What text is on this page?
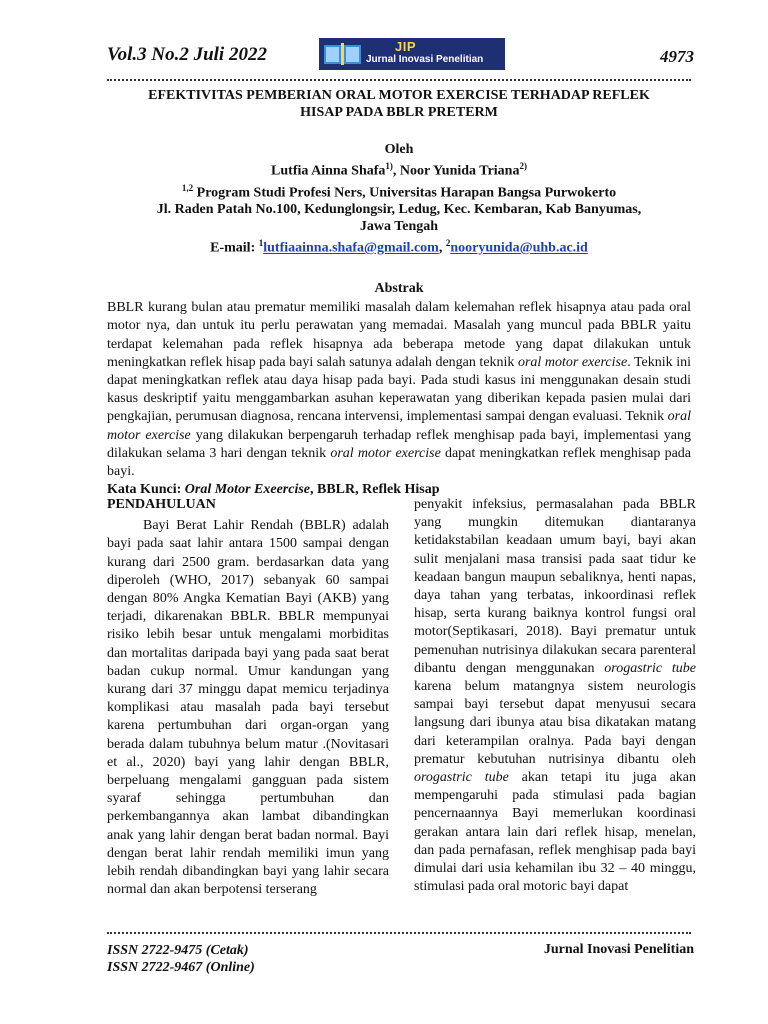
Vol.3 No.2 Juli 2022	JIP
Jurnal Inovasi Penelitian	4973
EFEKTIVITAS PEMBERIAN ORAL MOTOR EXERCISE TERHADAP REFLEK
HISAP PADA BBLR PRETERM
Oleh
Lutfia Ainna Shafa$^{1)}$, Noor Yunida Triana$^{2)}$
$^{1,2}$ Program Studi Profesi Ners, Universitas Harapan Bangsa Purwokerto
Jl. Raden Patah No.100, Kedunglongsir, Ledug, Kec. Kembaran, Kab Banyumas,
Jawa Tengah
E-mail: $^1$lutfiaainna.shafa@gmail.com, $^2$nooryunida@uhb.ac.id
Abstrak

BBLR kurang bulan atau prematur memiliki masalah dalam kelemahan reflek hisapnya atau pada oral motor nya, dan untuk itu perlu perawatan yang memadai. Masalah yang muncul pada BBLR yaitu terdapat kelemahan pada reflek hisapnya ada beberapa metode yang dapat dilakukan untuk meningkatkan reflek hisap pada bayi salah satunya adalah dengan teknik oral motor exercise. Teknik ini dapat meningkatkan reflek atau daya hisap pada bayi. Pada studi kasus ini menggunakan desain studi kasus deskriptif yaitu menggambarkan asuhan keperawatan yang diberikan kepada pasien mulai dari pengkajian, perumusan diagnosa, rencana intervensi, implementasi sampai dengan evaluasi. Teknik oral motor exercise yang dilakukan berpengaruh terhadap reflek menghisap pada bayi, implementasi yang dilakukan selama 3 hari dengan teknik oral motor exercise dapat meningkatkan reflek menghisap pada bayi.

Kata Kunci: Oral Motor Exeercise, BBLR, Reflek Hisap

PENDAHULUAN

Bayi Berat Lahir Rendah (BBLR) adalah bayi pada saat lahir antara 1500 sampai dengan kurang dari 2500 gram. berdasarkan data yang diperoleh (WHO, 2017) sebanyak 60 sampai dengan 80% Angka Kematian Bayi (AKB) yang terjadi, dikarenakan BBLR. BBLR mempunyai risiko lebih besar untuk mengalami morbiditas dan mortalitas daripada bayi yang pada saat berat badan cukup normal. Umur kandungan yang kurang dari 37 minggu dapat memicu terjadinya komplikasi atau masalah pada bayi tersebut karena pertumbuhan dari organ-organ yang berada dalam tubuhnya belum matur .(Novitasari et al., 2020) bayi yang lahir dengan BBLR, berpeluang mengalami gangguan pada sistem syaraf sehingga pertumbuhan dan perkembangannya akan lambat dibandingkan anak yang lahir dengan berat badan normal. Bayi dengan berat lahir rendah memiliki imun yang lebih rendah dibandingkan bayi yang lahir secara normal dan akan berpotensi terserang

penyakit infeksius, permasalahan pada BBLR yang mungkin ditemukan diantaranya ketidakstabilan keadaan umum bayi, bayi akan sulit menjalani masa transisi pada saat tidur ke keadaan bangun maupun sebaliknya, henti napas, daya tahan yang terbatas, inkoordinasi reflek hisap, serta kurang baiknya kontrol fungsi oral motor(Septikasari, 2018). Bayi prematur untuk pemenuhan nutrisinya dilakukan secara parenteral dibantu dengan menggunakan orogastric tube karena belum matangnya sistem neurologis sampai bayi tersebut dapat menyusui secara langsung dari ibunya atau bisa dikatakan matang dari keterampilan oralnya. Pada bayi dengan prematur kebutuhan nutrisinya dibantu oleh orogastric tube akan tetapi itu juga akan mempengaruhi pada stimulasi pada bagian pencernaannya Bayi memerlukan koordinasi gerakan antara lain dari reflek hisap, menelan, dan pada pernafasan, reflek menghisap pada bayi dimulai dari usia kehamilan ibu 32 – 40 minggu, stimulasi pada oral motoric bayi dapat

ISSN 2722-9475 (Cetak)
ISSN 2722-9467 (Online)
Jurnal Inovasi Penelitian
